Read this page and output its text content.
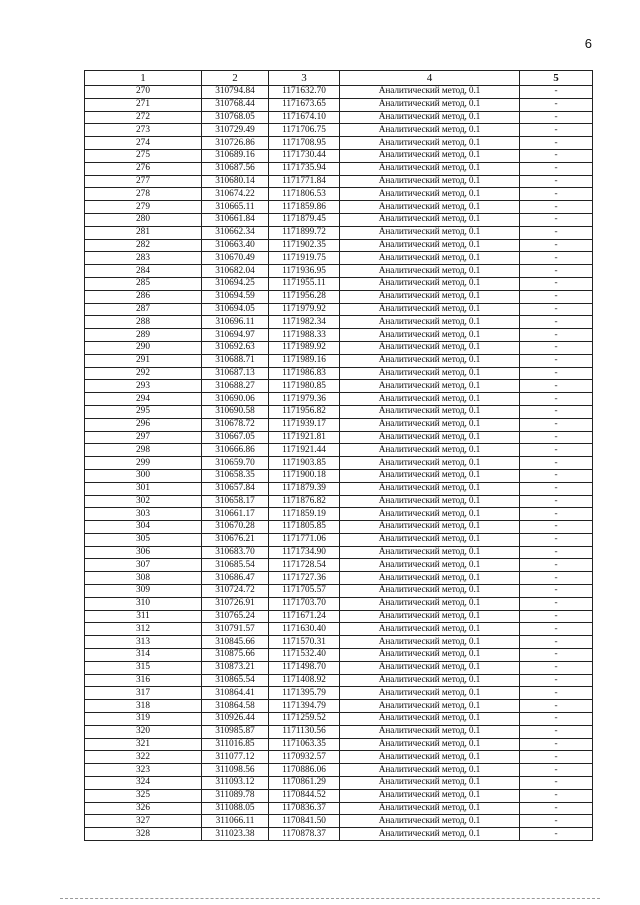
6
1	2	3	4	5
270	310794.84	1171632.70	Аналитический метод, 0.1	-
271	310768.44	1171673.65	Аналитический метод, 0.1	-
272	310768.05	1171674.10	Аналитический метод, 0.1	-
273	310729.49	1171706.75	Аналитический метод, 0.1	-
274	310726.86	1171708.95	Аналитический метод, 0.1	-
275	310689.16	1171730.44	Аналитический метод, 0.1	-
276	310687.56	1171735.94	Аналитический метод, 0.1	-
277	310680.14	1171771.84	Аналитический метод, 0.1	-
278	310674.22	1171806.53	Аналитический метод, 0.1	-
279	310665.11	1171859.86	Аналитический метод, 0.1	-
280	310661.84	1171879.45	Аналитический метод, 0.1	-
281	310662.34	1171899.72	Аналитический метод, 0.1	-
282	310663.40	1171902.35	Аналитический метод, 0.1	-
283	310670.49	1171919.75	Аналитический метод, 0.1	-
284	310682.04	1171936.95	Аналитический метод, 0.1	-
285	310694.25	1171955.11	Аналитический метод, 0.1	-
286	310694.59	1171956.28	Аналитический метод, 0.1	-
287	310694.05	1171979.92	Аналитический метод, 0.1	-
288	310696.11	1171982.34	Аналитический метод, 0.1	-
289	310694.97	1171988.33	Аналитический метод, 0.1	-
290	310692.63	1171989.92	Аналитический метод, 0.1	-
291	310688.71	1171989.16	Аналитический метод, 0.1	-
292	310687.13	1171986.83	Аналитический метод, 0.1	-
293	310688.27	1171980.85	Аналитический метод, 0.1	-
294	310690.06	1171979.36	Аналитический метод, 0.1	-
295	310690.58	1171956.82	Аналитический метод, 0.1	-
296	310678.72	1171939.17	Аналитический метод, 0.1	-
297	310667.05	1171921.81	Аналитический метод, 0.1	-
298	310666.86	1171921.44	Аналитический метод, 0.1	-
299	310659.70	1171903.85	Аналитический метод, 0.1	-
300	310658.35	1171900.18	Аналитический метод, 0.1	-
301	310657.84	1171879.39	Аналитический метод, 0.1	-
302	310658.17	1171876.82	Аналитический метод, 0.1	-
303	310661.17	1171859.19	Аналитический метод, 0.1	-
304	310670.28	1171805.85	Аналитический метод, 0.1	-
305	310676.21	1171771.06	Аналитический метод, 0.1	-
306	310683.70	1171734.90	Аналитический метод, 0.1	-
307	310685.54	1171728.54	Аналитический метод, 0.1	-
308	310686.47	1171727.36	Аналитический метод, 0.1	-
309	310724.72	1171705.57	Аналитический метод, 0.1	-
310	310726.91	1171703.70	Аналитический метод, 0.1	-
311	310765.24	1171671.24	Аналитический метод, 0.1	-
312	310791.57	1171630.40	Аналитический метод, 0.1	-
313	310845.66	1171570.31	Аналитический метод, 0.1	-
314	310875.66	1171532.40	Аналитический метод, 0.1	-
315	310873.21	1171498.70	Аналитический метод, 0.1	-
316	310865.54	1171408.92	Аналитический метод, 0.1	-
317	310864.41	1171395.79	Аналитический метод, 0.1	-
318	310864.58	1171394.79	Аналитический метод, 0.1	-
319	310926.44	1171259.52	Аналитический метод, 0.1	-
320	310985.87	1171130.56	Аналитический метод, 0.1	-
321	311016.85	1171063.35	Аналитический метод, 0.1	-
322	311077.12	1170932.57	Аналитический метод, 0.1	-
323	311098.56	1170886.06	Аналитический метод, 0.1	-
324	311093.12	1170861.29	Аналитический метод, 0.1	-
325	311089.78	1170844.52	Аналитический метод, 0.1	-
326	311088.05	1170836.37	Аналитический метод, 0.1	-
327	311066.11	1170841.50	Аналитический метод, 0.1	-
328	311023.38	1170878.37	Аналитический метод, 0.1	-
